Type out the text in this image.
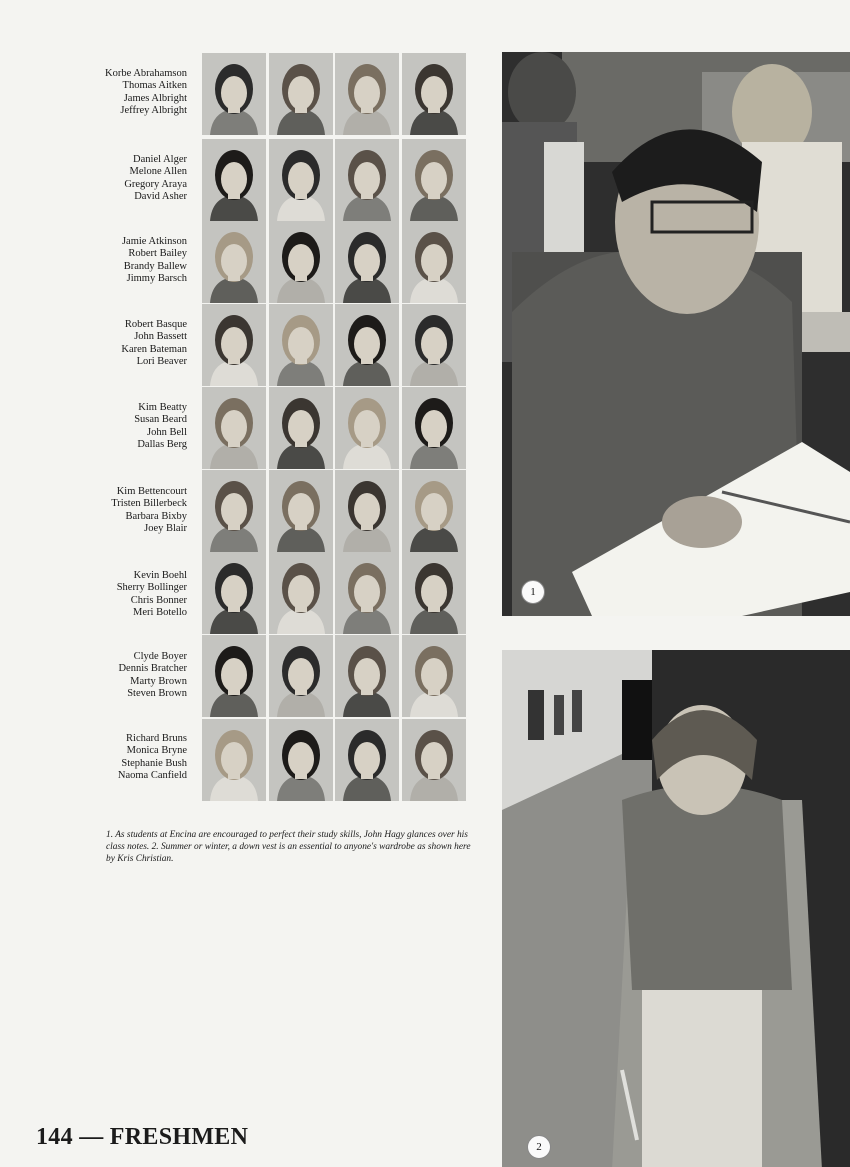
Korbe Abrahamson
Thomas Aitken
James Albright
Jeffrey Albright
Daniel Alger
Melone Allen
Gregory Araya
David Asher
Jamie Atkinson
Robert Bailey
Brandy Ballew
Jimmy Barsch
Robert Basque
John Bassett
Karen Bateman
Lori Beaver
Kim Beatty
Susan Beard
John Bell
Dallas Berg
Kim Bettencourt
Tristen Billerbeck
Barbara Bixby
Joey Blair
Kevin Boehl
Sherry Bollinger
Chris Bonner
Meri Botello
Clyde Boyer
Dennis Bratcher
Marty Brown
Steven Brown
Richard Bruns
Monica Bryne
Stephanie Bush
Naoma Canfield
1
2
1. As students at Encina are encouraged to perfect their study skills, John Hagy glances over his class notes. 2. Summer or winter, a down vest is an essential to anyone's wardrobe as shown here by Kris Christian.
144 — FRESHMEN
